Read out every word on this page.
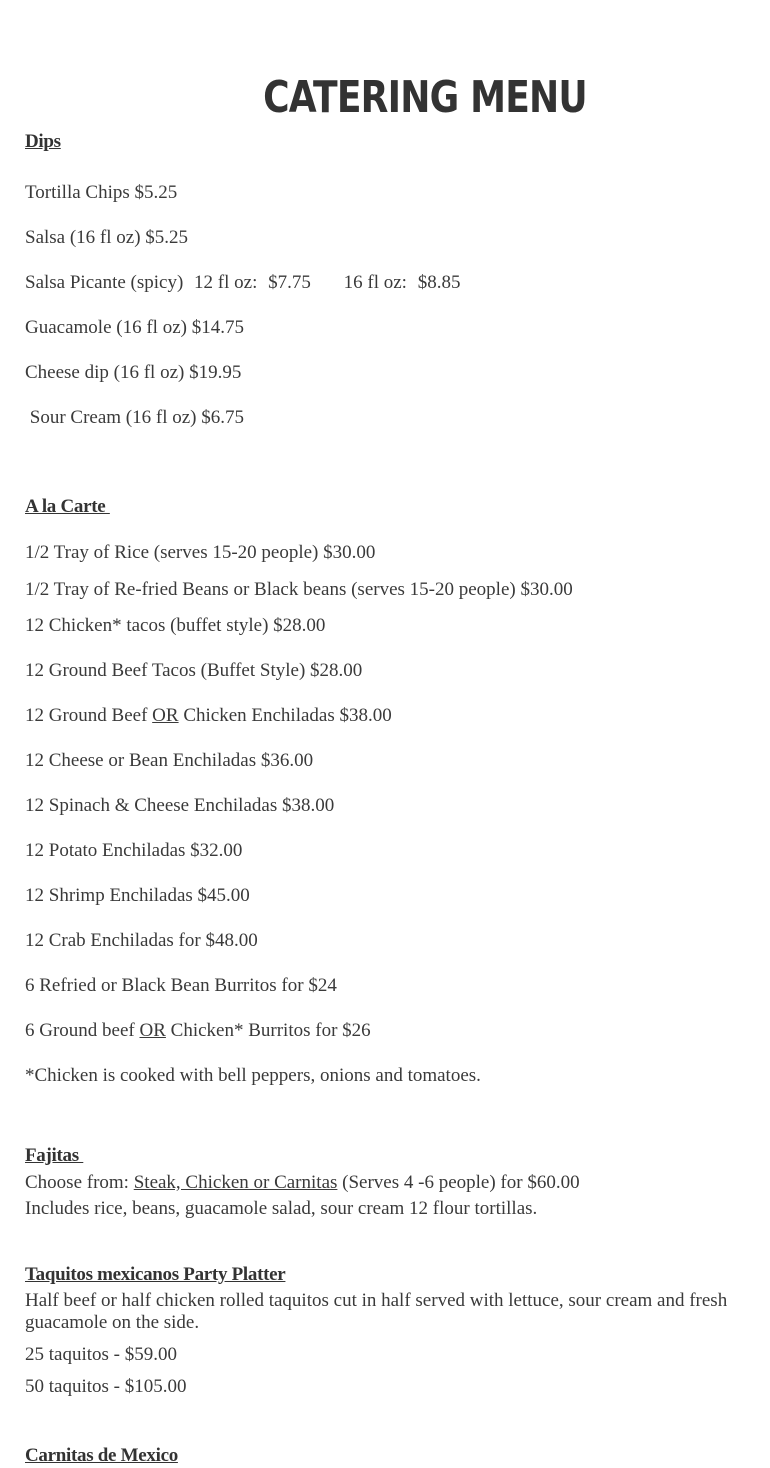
CATERING MENU
Dips
Tortilla Chips $5.25
Salsa (16 fl oz) $5.25
Salsa Picante (spicy) 12 fl oz: $7.75 16 fl oz: $8.85
Guacamole (16 fl oz) $14.75
Cheese dip (16 fl oz) $19.95
Sour Cream (16 fl oz) $6.75
A la Carte
1/2 Tray of Rice (serves 15-20 people) $30.00
1/2 Tray of Re-fried Beans or Black beans (serves 15-20 people) $30.00
12 Chicken* tacos (buffet style) $28.00
12 Ground Beef Tacos (Buffet Style) $28.00
12 Ground Beef OR Chicken Enchiladas $38.00
12 Cheese or Bean Enchiladas $36.00
12 Spinach & Cheese Enchiladas $38.00
12 Potato Enchiladas $32.00
12 Shrimp Enchiladas $45.00
12 Crab Enchiladas for $48.00
6 Refried or Black Bean Burritos for $24
6 Ground beef OR Chicken* Burritos for $26
*Chicken is cooked with bell peppers, onions and tomatoes.
Fajitas
Choose from: Steak, Chicken or Carnitas (Serves 4 -6 people) for $60.00
Includes rice, beans, guacamole salad, sour cream 12 flour tortillas.
Taquitos mexicanos Party Platter
Half beef or half chicken rolled taquitos cut in half served with lettuce, sour cream and fresh guacamole on the side.
25 taquitos - $59.00
50 taquitos - $105.00
Carnitas de Mexico
